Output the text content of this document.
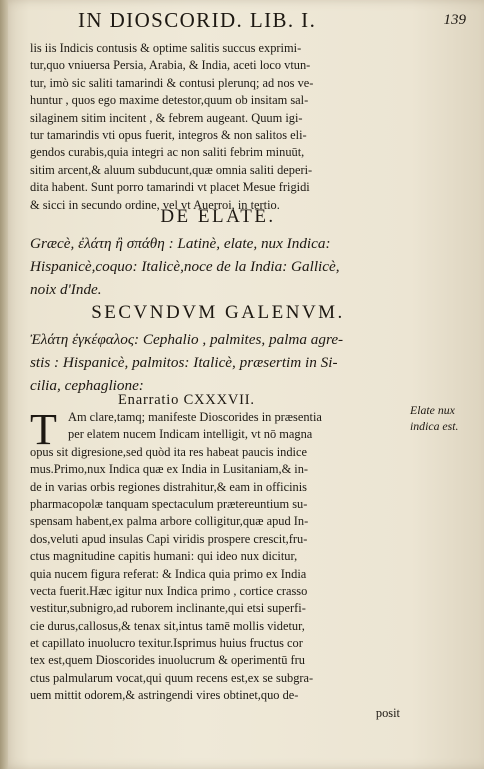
IN DIOSCORID. LIB. I.	139
lis iis Indicis contusis & optime salitis succus exprimi-
tur,quo vniuersa Persia, Arabia, & India, aceti loco vtun-
tur, imò sic saliti tamarindi & contusi plerunq; ad nos ve-
huntur , quos ego maxime detestor,quum ob insitam sal-
silaginem sitim incitent , & febrem augeant. Quum igi-
tur tamarindis vti opus fuerit, integros & non salitos eli-
gendos curabis,quia integri ac non saliti febrim minuūt,
sitim arcent,& aluum subducunt,quæ omnia saliti deperi-
dita habent. Sunt porro tamarindi vt placet Mesue frigidi
& sicci in secundo ordine, vel vt Auerroi, in tertio.
DE ELATE.
Græcè, ἐλάτη ἢ σπάθη : Latinè, elate, nux Indica:
Hispanicè,coquo: Italicè,noce de la India: Gallicè,
noix d'Inde.
SECVNDVM GALENVM.
Ἐλάτη ἐγκέφαλος: Cephalio , palmites, palma agre-
stis : Hispanicè, palmitos: Italicè, præsertim in Si-
cilia, cephaglione:
Enarratio CXXXVII.
T Am clare,tamq; manifeste Dioscorides in præsentia
per elatem nucem Indicam intelligit, vt nō magna
opus sit digresione,sed quòd ita res habeat paucis indice
mus.Primo,nux Indica quæ ex India in Lusitaniam,& in-
de in varias orbis regiones distrahitur,& eam in officinis
pharmacopolæ tanquam spectaculum prætereuntium su-
spensam habent,ex palma arbore colligitur,quæ apud In-
dos,veluti apud insulas Capi viridis prospere crescit,fru-
ctus magnitudine capitis humani: qui ideo nux dicitur,
quia nucem figura referat: & Indica quia primo ex India
vecta fuerit.Hæc igitur nux Indica primo , cortice crasso
vestitur,subnigro,ad ruborem inclinante,qui etsi superfi-
cie durus,callosus,& tenax sit,intus tamē mollis videtur,
et capillato inuolucro texitur.Isprimus huius fructus cor
tex est,quem Dioscorides inuolucrum & operimentū fru
ctus palmularum vocat,qui quum recens est,ex se subgra-
uem mittit odorem,& astringendi vires obtinet,quo de-
posit
Elate nux
indica est.
